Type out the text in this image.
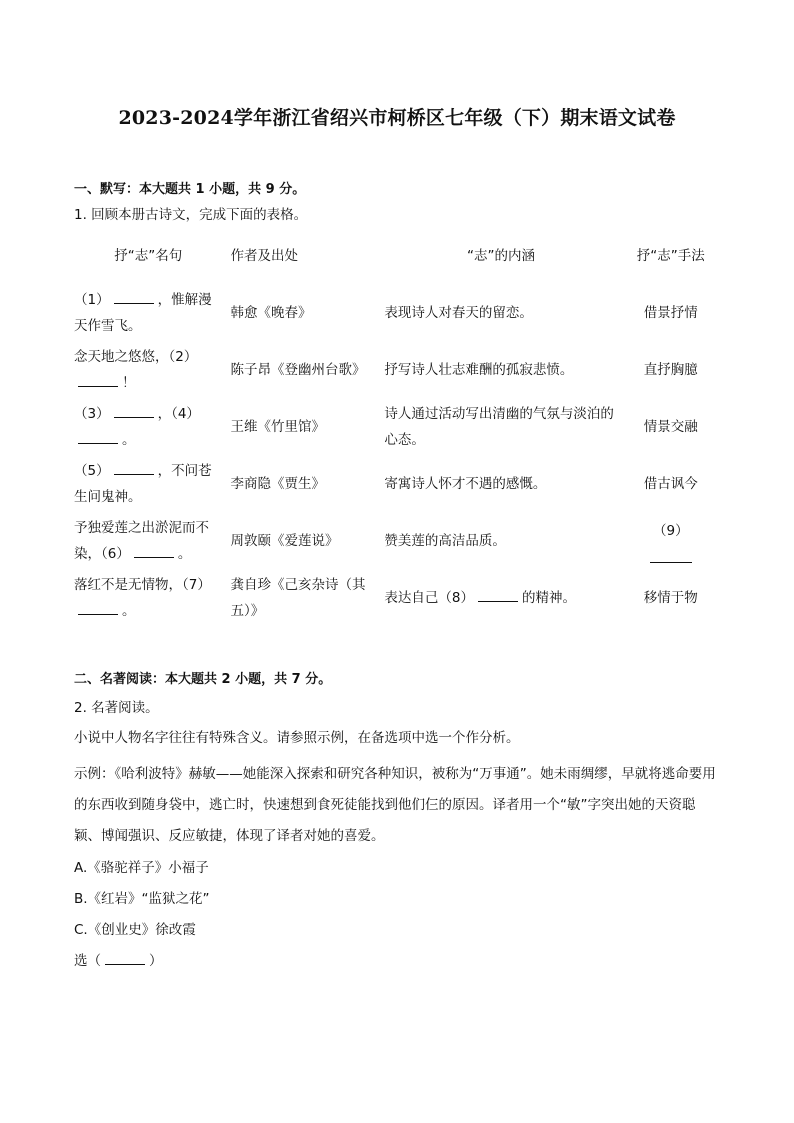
2023-2024学年浙江省绍兴市柯桥区七年级（下）期末语文试卷
一、默写：本大题共 1 小题，共 9 分。
1. 回顾本册古诗文，完成下面的表格。
抒“志”名句	作者及出处	“志”的内涵	抒“志”手法
（1） ，惟解漫天作雪飞。	韩愈《晚春》	表现诗人对春天的留恋。	借景抒情
念天地之悠悠，（2）！	陈子昂《登幽州台歌》	抒写诗人壮志难酬的孤寂悲愤。	直抒胸臆
（3） ，（4）。	王维《竹里馆》	诗人通过活动写出清幽的气氛与淡泊的心态。	情景交融
（5） ，不问苍生问鬼神。	李商隐《贾生》	寄寓诗人怀才不遇的感慨。	借古讽今
予独爱莲之出淤泥而不染，（6） 。	周敦颐《爱莲说》	赞美莲的高洁品质。	（9）

落红不是无情物，（7）。	龚自珍《己亥杂诗（其五）》	表达自己（8） 的精神。	移情于物
二、名著阅读：本大题共 2 小题，共 7 分。
2. 名著阅读。
小说中人物名字往往有特殊含义。请参照示例，在备选项中选一个作分析。
示例：《哈利波特》赫敏——她能深入探索和研究各种知识，被称为“万事通”。她未雨绸缪，早就将逃命要用的东西收到随身袋中，逃亡时，快速想到食死徒能找到他们仨的原因。译者用一个“敏”字突出她的天资聪颖、博闻强识、反应敏捷，体现了译者对她的喜爱。
A.《骆驼祥子》小福子
B.《红岩》“监狱之花”
C.《创业史》徐改霞
选（	）
